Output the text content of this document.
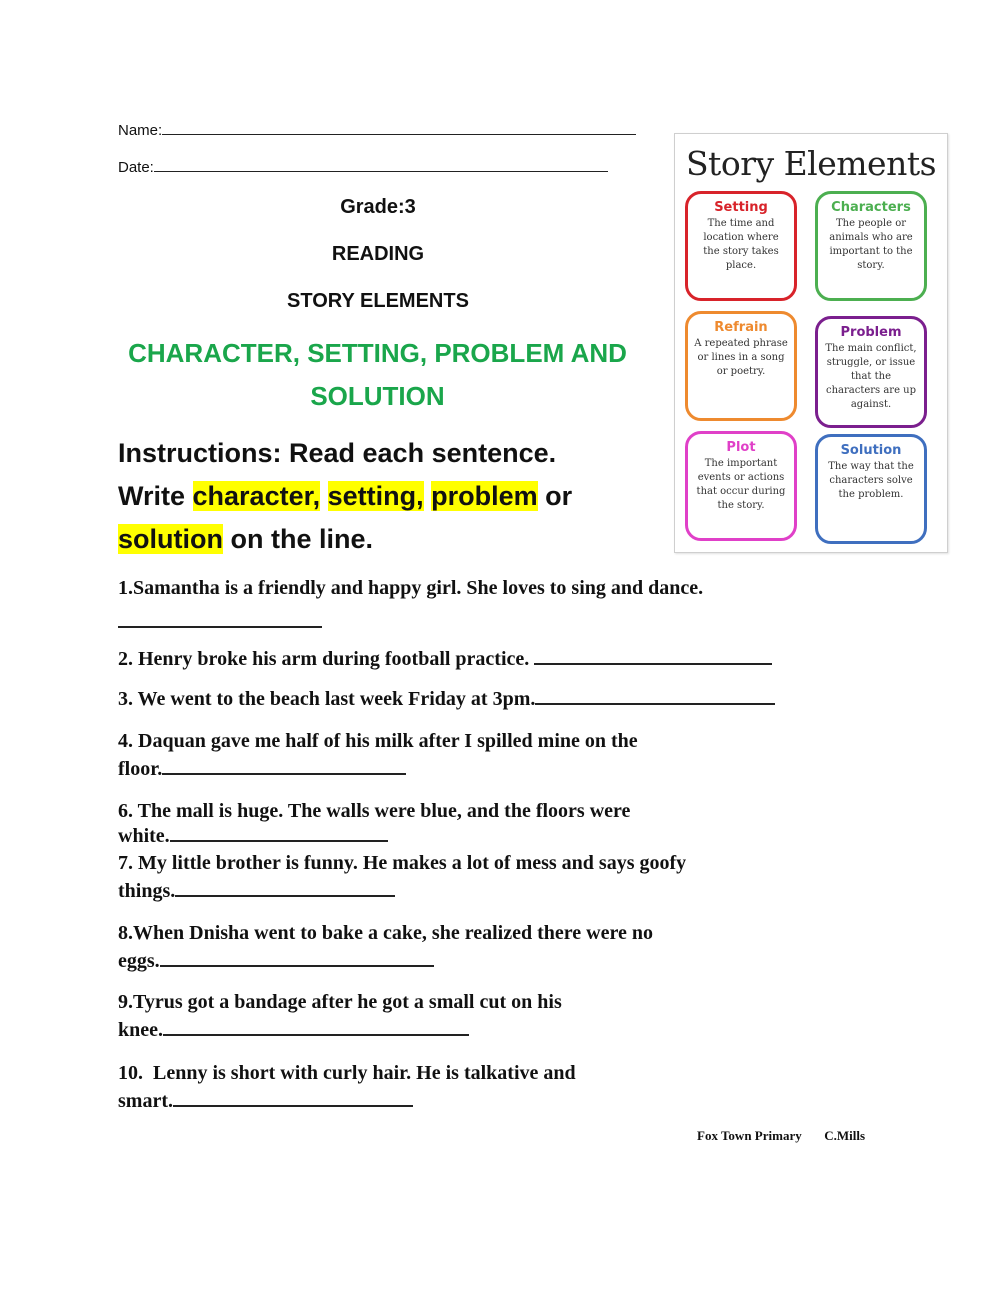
Name:
Date:
Grade:3
READING
STORY ELEMENTS
CHARACTER, SETTING, PROBLEM AND
SOLUTION
Instructions: Read each sentence.
Write character, setting, problem or
solution on the line.
Story Elements
Setting

The time and location where the story takes place.

Characters

The people or animals who are important to the story.

Refrain

A repeated phrase or lines in a song or poetry.

Problem

The main conflict, struggle, or issue that the characters are up against.

Plot

The important events or actions that occur during the story.

Solution

The way that the characters solve the problem.

1.Samantha is a friendly and happy girl. She loves to sing and dance.
2. Henry broke his arm during football practice.
3. We went to the beach last week Friday at 3pm.
4. Daquan gave me half of his milk after I spilled mine on the
floor.
6. The mall is huge. The walls were blue, and the floors were
white.
7. My little brother is funny. He makes a lot of mess and says goofy
things.
8.When Dnisha went to bake a cake, she realized there were no
eggs.
9.Tyrus got a bandage after he got a small cut on his
knee.
10.  Lenny is short with curly hair. He is talkative and
smart.
Fox Town Primary C.Mills
